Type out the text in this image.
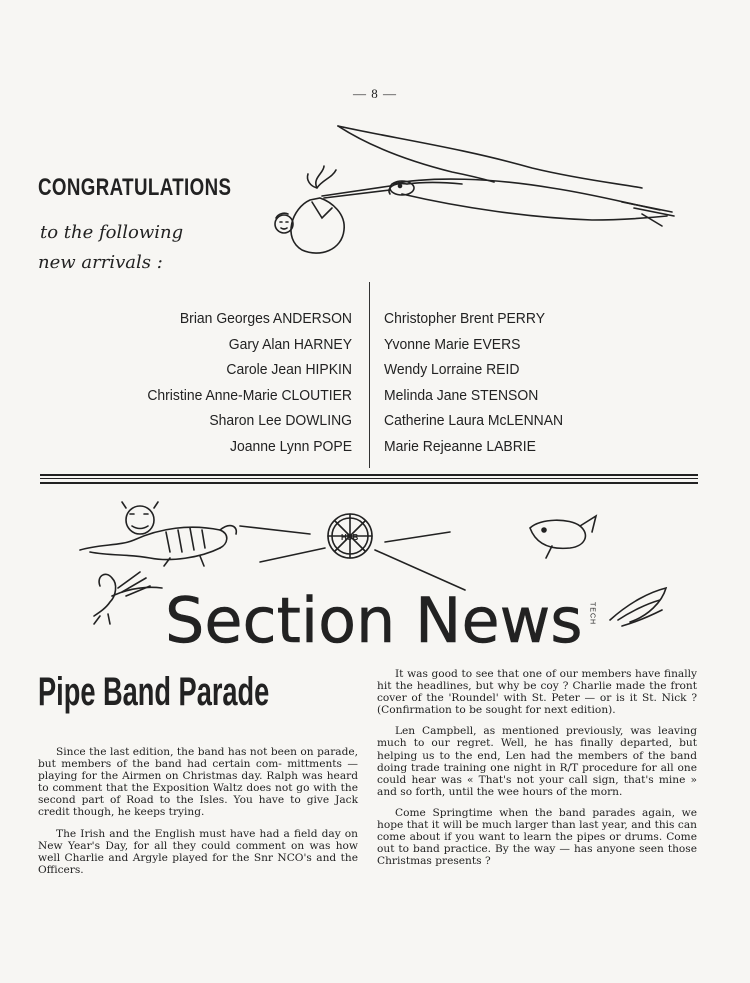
— 8 —
CONGRATULATIONS
to the following
new arrivals :
Brian Georges ANDERSON
Gary Alan HARNEY
Carole Jean HIPKIN
Christine Anne-Marie CLOUTIER
Sharon Lee DOWLING
Joanne Lynn POPE
Christopher Brent PERRY
Yvonne Marie EVERS
Wendy Lorraine REID
Melinda Jane STENSON
Catherine Laura McLENNAN
Marie Rejeanne LABRIE
Section News
HUB
TECH
Pipe Band Parade

Since the last edition, the band has not been on parade, but members of the band had certain com- mittments — playing for the Airmen on Christmas day. Ralph was heard to comment that the Exposition Waltz does not go with the second part of Road to the Isles. You have to give Jack credit though, he keeps trying.

The Irish and the English must have had a field day on New Year's Day, for all they could comment on was how well Charlie and Argyle played for the Snr NCO's and the Officers.

It was good to see that one of our members have finally hit the headlines, but why be coy ? Charlie made the front cover of the 'Roundel' with St. Peter — or is it St. Nick ? (Confirmation to be sought for next edition).

Len Campbell, as mentioned previously, was leaving much to our regret. Well, he has finally departed, but helping us to the end, Len had the members of the band doing trade training one night in R/T procedure for all one could hear was « That's not your call sign, that's mine » and so forth, until the wee hours of the morn.

Come Springtime when the band parades again, we hope that it will be much larger than last year, and this can come about if you want to learn the pipes or drums. Come out to band practice. By the way — has anyone seen those Christmas presents ?
